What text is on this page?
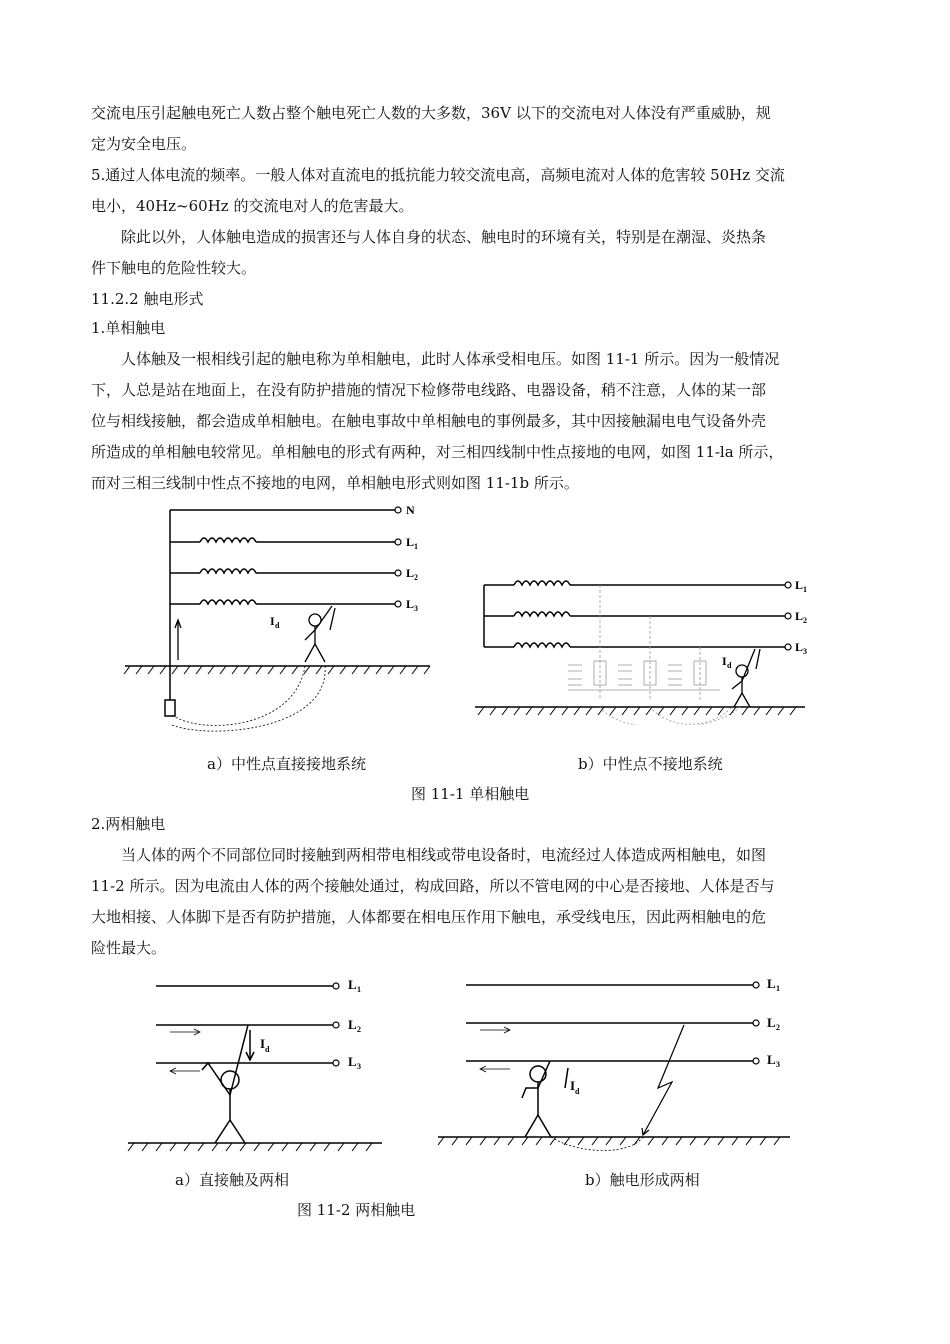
交流电压引起触电死亡人数占整个触电死亡人数的大多数，36V 以下的交流电对人体没有严重威胁，规
定为安全电压。
5.通过人体电流的频率。一般人体对直流电的抵抗能力较交流电高，高频电流对人体的危害较 50Hz 交流
电小，40Hz~60Hz 的交流电对人的危害最大。
除此以外，人体触电造成的损害还与人体自身的状态、触电时的环境有关，特别是在潮湿、炎热条
件下触电的危险性较大。
11.2.2 触电形式
1.单相触电
人体触及一根相线引起的触电称为单相触电，此时人体承受相电压。如图 11-1 所示。因为一般情况
下，人总是站在地面上，在没有防护措施的情况下检修带电线路、电器设备，稍不注意，人体的某一部
位与相线接触，都会造成单相触电。在触电事故中单相触电的事例最多，其中因接触漏电电气设备外壳
所造成的单相触电较常见。单相触电的形式有两种，对三相四线制中性点接地的电网，如图 11-la 所示，
而对三相三线制中性点不接地的电网，单相触电形式则如图 11-1b 所示。
N
L 1
L 2
L 3
I d
L 1
L 2
L 3
I d
a）中性点直接接地系统	b）中性点不接地系统
图 11-1 单相触电
2.两相触电
当人体的两个不同部位同时接触到两相带电相线或带电设备时，电流经过人体造成两相触电，如图
11-2 所示。因为电流由人体的两个接触处通过，构成回路，所以不管电网的中心是否接地、人体是否与
大地相接、人体脚下是否有防护措施，人体都要在相电压作用下触电，承受线电压，因此两相触电的危
险性最大。
L 1
L 2
L 3
I d
L 1
L 2
L 3
I d
a）直接触及两相	b）触电形成两相
图 11-2 两相触电
